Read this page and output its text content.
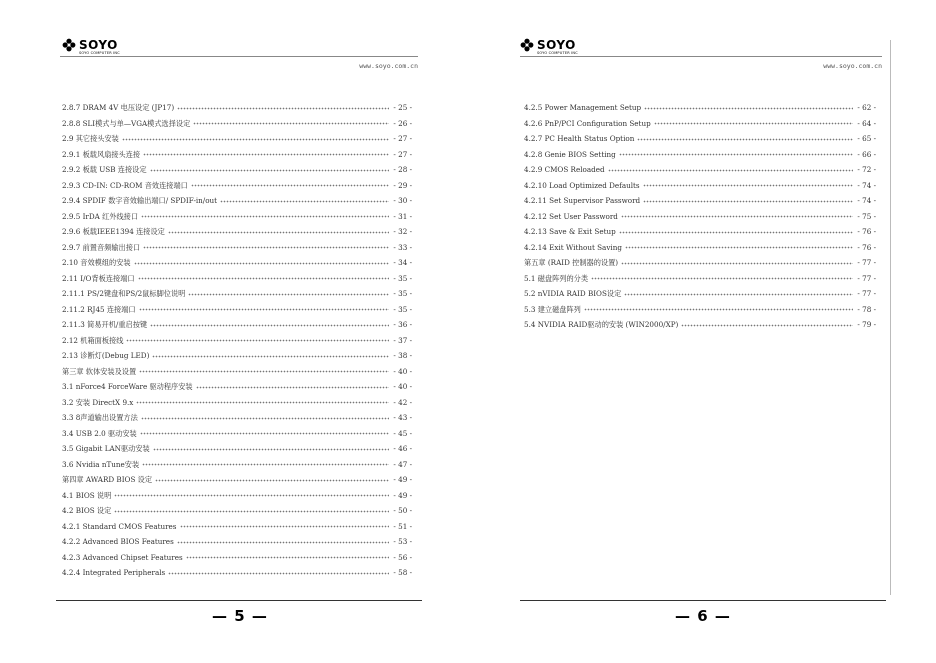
SOYO
SOYO COMPUTER INC
www.soyo.com.cn
2.8.7 DRAM 4V 电压设定 (JP17)	- 25 -
2.8.8 SLI模式与单—VGA模式选择设定	- 26 -
2.9 其它接头安装	- 27 -
2.9.1 板载风扇接头连接	- 27 -
2.9.2 板载 USB 连接设定	- 28 -
2.9.3 CD-IN: CD-ROM 音效连接端口	- 29 -
2.9.4 SPDIF 数字音效输出端口/ SPDIF-in/out	- 30 -
2.9.5 IrDA 红外线接口	- 31 -
2.9.6 板载IEEE1394 连接设定	- 32 -
2.9.7 前置音频输出接口	- 33 -
2.10 音效模组的安装	- 34 -
2.11 I/O背板连接端口	- 35 -
2.11.1 PS/2键盘和PS/2鼠标脚位说明	- 35 -
2.11.2 RJ45 连接端口	- 35 -
2.11.3 简易开机/重启按键	- 36 -
2.12 机箱面板接线	- 37 -
2.13 诊断灯(Debug LED)	- 38 -
第三章 软体安装及设置	- 40 -
3.1 nForce4 ForceWare 驱动程序安装	- 40 -
3.2 安装 DirectX 9.x	- 42 -
3.3 8声道输出设置方法	- 43 -
3.4 USB 2.0 驱动安装	- 45 -
3.5 Gigabit LAN驱动安装	- 46 -
3.6 Nvidia nTune安装	- 47 -
第四章 AWARD BIOS 设定	- 49 -
4.1 BIOS 说明	- 49 -
4.2 BIOS 设定	- 50 -
4.2.1 Standard CMOS Features	- 51 -
4.2.2 Advanced BIOS Features	- 53 -
4.2.3 Advanced Chipset Features	- 56 -
4.2.4 Integrated Peripherals	- 58 -
— 5 —
SOYO
SOYO COMPUTER INC
www.soyo.com.cn
4.2.5 Power Management Setup	- 62 -
4.2.6 PnP/PCI Configuration Setup	- 64 -
4.2.7 PC Health Status Option	- 65 -
4.2.8 Genie BIOS Setting	- 66 -
4.2.9 CMOS Reloaded	- 72 -
4.2.10 Load Optimized Defaults	- 74 -
4.2.11 Set Supervisor Password	- 74 -
4.2.12 Set User Password	- 75 -
4.2.13 Save & Exit Setup	- 76 -
4.2.14 Exit Without Saving	- 76 -
第五章 (RAID 控制器的设置)	- 77 -
5.1 磁盘阵列的分类	- 77 -
5.2 nVIDIA RAID BIOS设定	- 77 -
5.3 建立磁盘阵列	- 78 -
5.4 NVIDIA RAID驱动的安装 (WIN2000/XP)	- 79 -
— 6 —
